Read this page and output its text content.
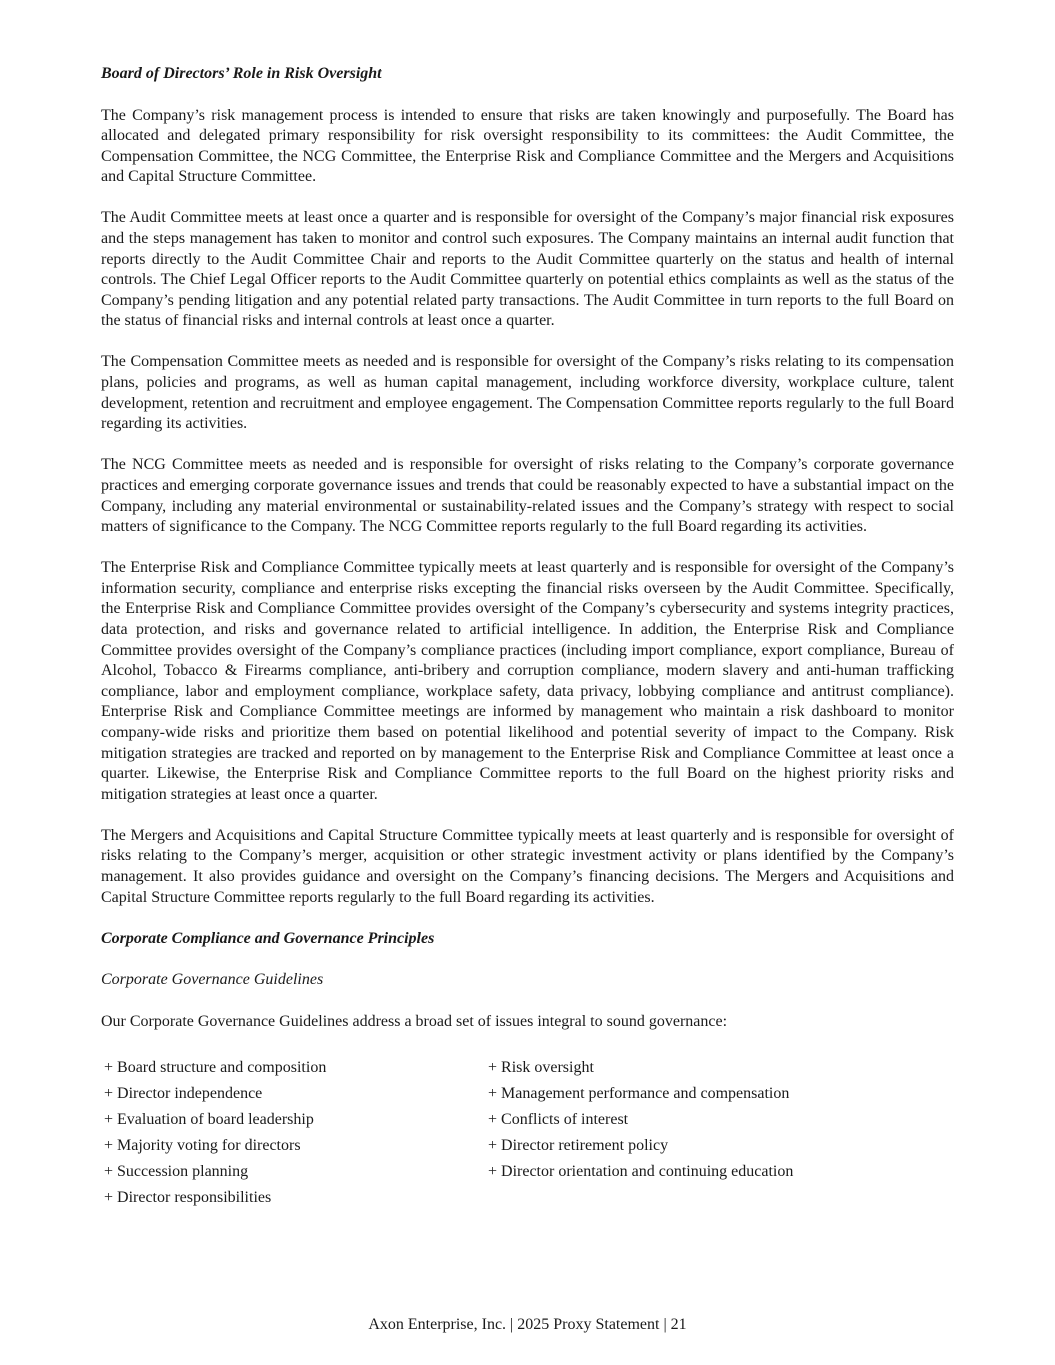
Board of Directors’ Role in Risk Oversight

The Company’s risk management process is intended to ensure that risks are taken knowingly and purposefully. The Board has allocated and delegated primary responsibility for risk oversight responsibility to its committees: the Audit Committee, the Compensation Committee, the NCG Committee, the Enterprise Risk and Compliance Committee and the Mergers and Acquisitions and Capital Structure Committee.

The Audit Committee meets at least once a quarter and is responsible for oversight of the Company’s major financial risk exposures and the steps management has taken to monitor and control such exposures. The Company maintains an internal audit function that reports directly to the Audit Committee Chair and reports to the Audit Committee quarterly on the status and health of internal controls. The Chief Legal Officer reports to the Audit Committee quarterly on potential ethics complaints as well as the status of the Company’s pending litigation and any potential related party transactions. The Audit Committee in turn reports to the full Board on the status of financial risks and internal controls at least once a quarter.

The Compensation Committee meets as needed and is responsible for oversight of the Company’s risks relating to its compensation plans, policies and programs, as well as human capital management, including workforce diversity, workplace culture, talent development, retention and recruitment and employee engagement. The Compensation Committee reports regularly to the full Board regarding its activities.

The NCG Committee meets as needed and is responsible for oversight of risks relating to the Company’s corporate governance practices and emerging corporate governance issues and trends that could be reasonably expected to have a substantial impact on the Company, including any material environmental or sustainability-related issues and the Company’s strategy with respect to social matters of significance to the Company. The NCG Committee reports regularly to the full Board regarding its activities.

The Enterprise Risk and Compliance Committee typically meets at least quarterly and is responsible for oversight of the Company’s information security, compliance and enterprise risks excepting the financial risks overseen by the Audit Committee. Specifically, the Enterprise Risk and Compliance Committee provides oversight of the Company’s cybersecurity and systems integrity practices, data protection, and risks and governance related to artificial intelligence. In addition, the Enterprise Risk and Compliance Committee provides oversight of the Company’s compliance practices (including import compliance, export compliance, Bureau of Alcohol, Tobacco & Firearms compliance, anti-bribery and corruption compliance, modern slavery and anti-human trafficking compliance, labor and employment compliance, workplace safety, data privacy, lobbying compliance and antitrust compliance). Enterprise Risk and Compliance Committee meetings are informed by management who maintain a risk dashboard to monitor company-wide risks and prioritize them based on potential likelihood and potential severity of impact to the Company. Risk mitigation strategies are tracked and reported on by management to the Enterprise Risk and Compliance Committee at least once a quarter. Likewise, the Enterprise Risk and Compliance Committee reports to the full Board on the highest priority risks and mitigation strategies at least once a quarter.

The Mergers and Acquisitions and Capital Structure Committee typically meets at least quarterly and is responsible for oversight of risks relating to the Company’s merger, acquisition or other strategic investment activity or plans identified by the Company’s management. It also provides guidance and oversight on the Company’s financing decisions. The Mergers and Acquisitions and Capital Structure Committee reports regularly to the full Board regarding its activities.

Corporate Compliance and Governance Principles
Corporate Governance Guidelines

Our Corporate Governance Guidelines address a broad set of issues integral to sound governance:

+ Board structure and composition
+ Director independence
+ Evaluation of board leadership
+ Majority voting for directors
+ Succession planning
+ Director responsibilities
+ Risk oversight
+ Management performance and compensation
+ Conflicts of interest
+ Director retirement policy
+ Director orientation and continuing education
Axon Enterprise, Inc. | 2025 Proxy Statement | 21
